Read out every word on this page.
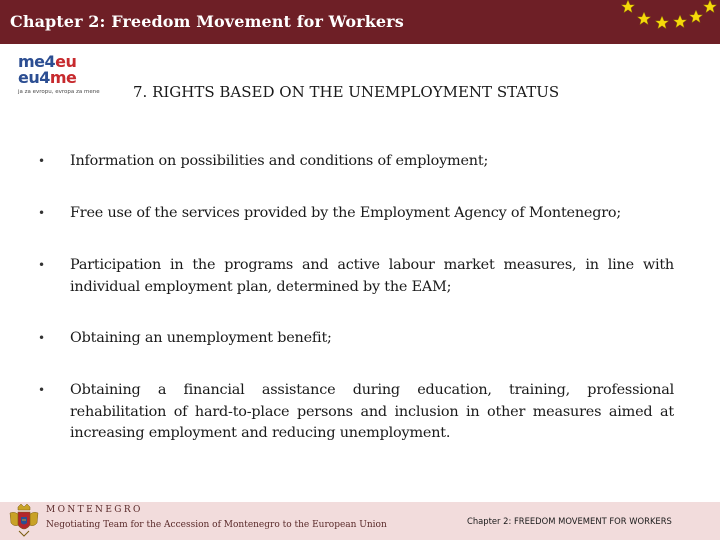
Chapter 2: Freedom Movement for Workers
me4eu
eu4me
ja za evropu, evropa za mene 7. RIGHTS BASED ON THE UNEMPLOYMENT STATUS
• Information on possibilities and conditions of employment;
• Free use of the services provided by the Employment Agency of Montenegro;
• Participation in the programs and active labour market measures, in line with individual employment plan, determined by the EAM;
• Obtaining an unemployment benefit;
• Obtaining a financial assistance during education, training, professional rehabilitation of hard-to-place persons and inclusion in other measures aimed at increasing employment and reducing unemployment.
MONTENEGRO
Negotiating Team for the Accession of Montenegro to the European Union	Chapter 2: FREEDOM MOVEMENT FOR WORKERS
